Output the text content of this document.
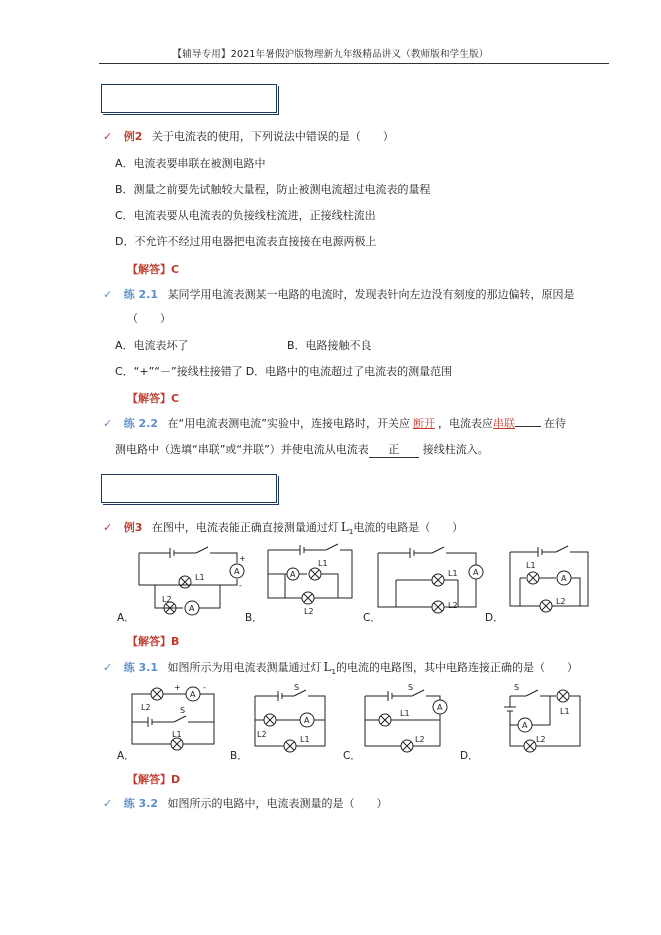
【辅导专用】2021年暑假沪版物理新九年级精品讲义（教师版和学生版）
✓ 例2 关于电流表的使用，下列说法中错误的是（　　）
A．电流表要串联在被测电路中
B．测量之前要先试触较大量程，防止被测电流超过电流表的量程
C．电流表要从电流表的负接线柱流进，正接线柱流出
D．不允许不经过用电器把电流表直接接在电源两极上
【解答】C
✓ 练 2.1 某同学用电流表测某一电路的电流时，发现表针向左边没有刻度的那边偏转，原因是
（　　）
A．电流表坏了	B．电路接触不良
C．“+”“－”接线柱接错了 D．电路中的电流超过了电流表的测量范围
【解答】C
✓ 练 2.2 在“用电流表测电流”实验中，连接电路时，开关应 断开 ，电流表应串联	在待
测电路中（选填“串联”或“并联”）并使电流从电流表 正 接线柱流入。
✓ 例3 在图中，电流表能正确直接测量通过灯 $L_1$电流的电路是（　　）
A
+
-
L1
L2
A
A
L1
L2
A
L1
L2
A
L1
L2
A．	B．	C．	D．
【解答】B
✓ 练 3.1 如图所示为用电流表测量通过灯 $L_1$的电流的电路图，其中电路连接正确的是（　　）
A
+	-
L2	S
L1
S
A
L2
L1
S
A
L1
L2
S
A
L1
L2
A．	B．	C．	D．
【解答】D
✓ 练 3.2 如图所示的电路中，电流表测量的是（　　）
